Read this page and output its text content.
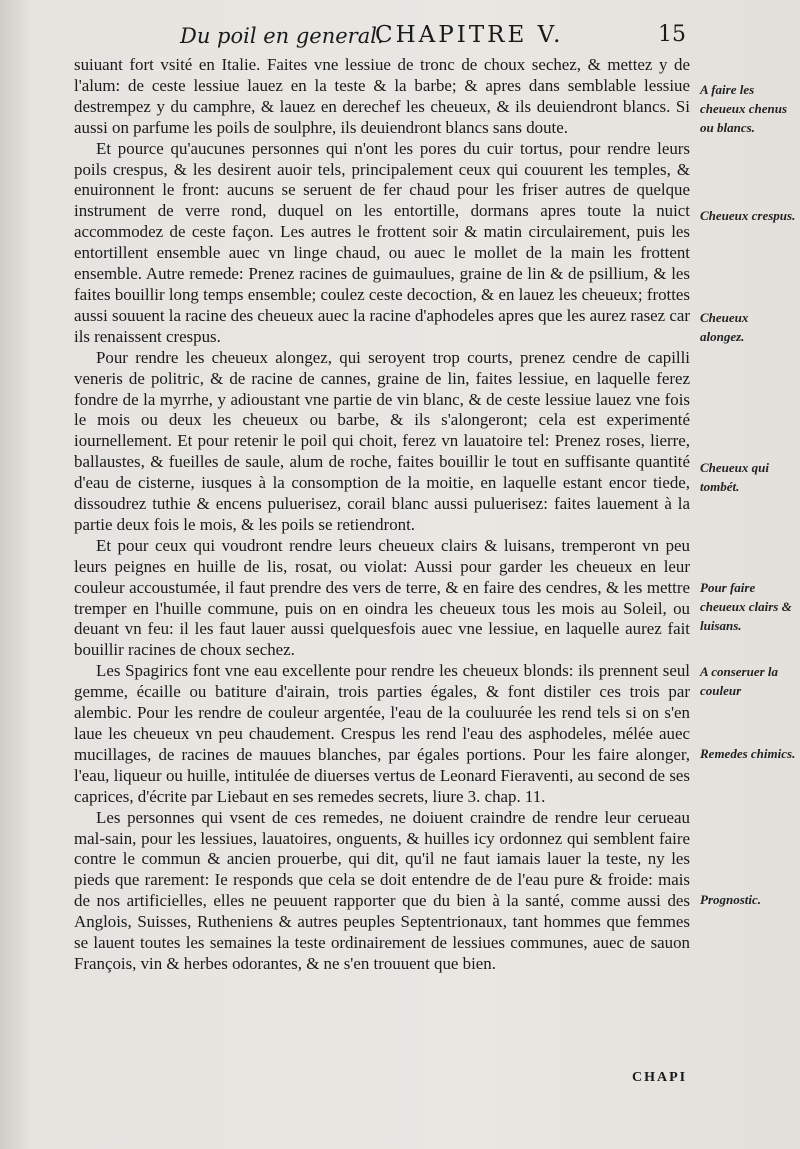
Du poil en general.
CHAPITRE V.	15

suiuant fort vsité en Italie. Faites vne lessiue de tronc de choux sechez, & mettez y de l'alum: de ceste lessiue lauez en la teste & la barbe; & apres dans semblable lessiue destrempez y du camphre, & lauez en derechef les cheueux, & ils deuiendront blancs. Si aussi on parfume les poils de soulphre, ils deuiendront blancs sans doute.

Et pource qu'aucunes personnes qui n'ont les pores du cuir tortus, pour rendre leurs poils crespus, & les desirent auoir tels, principalement ceux qui couurent les temples, & enuironnent le front: aucuns se seruent de fer chaud pour les friser autres de quelque instrument de verre rond, duquel on les entortille, dormans apres toute la nuict accommodez de ceste façon. Les autres le frottent soir & matin circulairement, puis les entortillent ensemble auec vn linge chaud, ou auec le mollet de la main les frottent ensemble. Autre remede: Prenez racines de guimaulues, graine de lin & de psillium, & les faites bouillir long temps ensemble; coulez ceste decoction, & en lauez les cheueux; frottes aussi souuent la racine des cheueux auec la racine d'aphodeles apres que les aurez rasez car ils renaissent crespus.

Pour rendre les cheueux alongez, qui seroyent trop courts, prenez cendre de capilli veneris de politric, & de racine de cannes, graine de lin, faites lessiue, en laquelle ferez fondre de la myrrhe, y adioustant vne partie de vin blanc, & de ceste lessiue lauez vne fois le mois ou deux les cheueux ou barbe, & ils s'alongeront; cela est experimenté iournellement. Et pour retenir le poil qui choit, ferez vn lauatoire tel: Prenez roses, lierre, ballaustes, & fueilles de saule, alum de roche, faites bouillir le tout en suffisante quantité d'eau de cisterne, iusques à la consomption de la moitie, en laquelle estant encor tiede, dissoudrez tuthie & encens puluerisez, corail blanc aussi puluerisez: faites lauement à la partie deux fois le mois, & les poils se retiendront.

Et pour ceux qui voudront rendre leurs cheueux clairs & luisans, tremperont vn peu leurs peignes en huille de lis, rosat, ou violat: Aussi pour garder les cheueux en leur couleur accoustumée, il faut prendre des vers de terre, & en faire des cendres, & les mettre tremper en l'huille commune, puis on en oindra les cheueux tous les mois au Soleil, ou deuant vn feu: il les faut lauer aussi quelquesfois auec vne lessiue, en laquelle aurez fait bouillir racines de choux sechez.

Les Spagirics font vne eau excellente pour rendre les cheueux blonds: ils prennent seul gemme, écaille ou batiture d'airain, trois parties égales, & font distiler ces trois par alembic. Pour les rendre de couleur argentée, l'eau de la couluurée les rend tels si on s'en laue les cheueux vn peu chaudement. Crespus les rend l'eau des asphodeles, mélée auec mucillages, de racines de mauues blanches, par égales portions. Pour les faire alonger, l'eau, liqueur ou huille, intitulée de diuerses vertus de Leonard Fieraventi, au second de ses caprices, d'écrite par Liebaut en ses remedes secrets, liure 3. chap. 11.

Les personnes qui vsent de ces remedes, ne doiuent craindre de rendre leur cerueau mal-sain, pour les lessiues, lauatoires, onguents, & huilles icy ordonnez qui semblent faire contre le commun & ancien prouerbe, qui dit, qu'il ne faut iamais lauer la teste, ny les pieds que rarement: Ie responds que cela se doit entendre de de l'eau pure & froide: mais de nos artificielles, elles ne peuuent rapporter que du bien à la santé, comme aussi des Anglois, Suisses, Rutheniens & autres peuples Septentrionaux, tant hommes que femmes se lauent toutes les semaines la teste ordinairement de lessiues communes, auec de sauon François, vin & herbes odorantes, & ne s'en trouuent que bien.

A faire les cheueux chenus ou blancs.
Cheueux crespus.
Cheueux alongez.
Cheueux qui tombét.
Pour faire cheueux clairs & luisans.
A conseruer la couleur
Remedes chimics.
Prognostic.
CHAPI
